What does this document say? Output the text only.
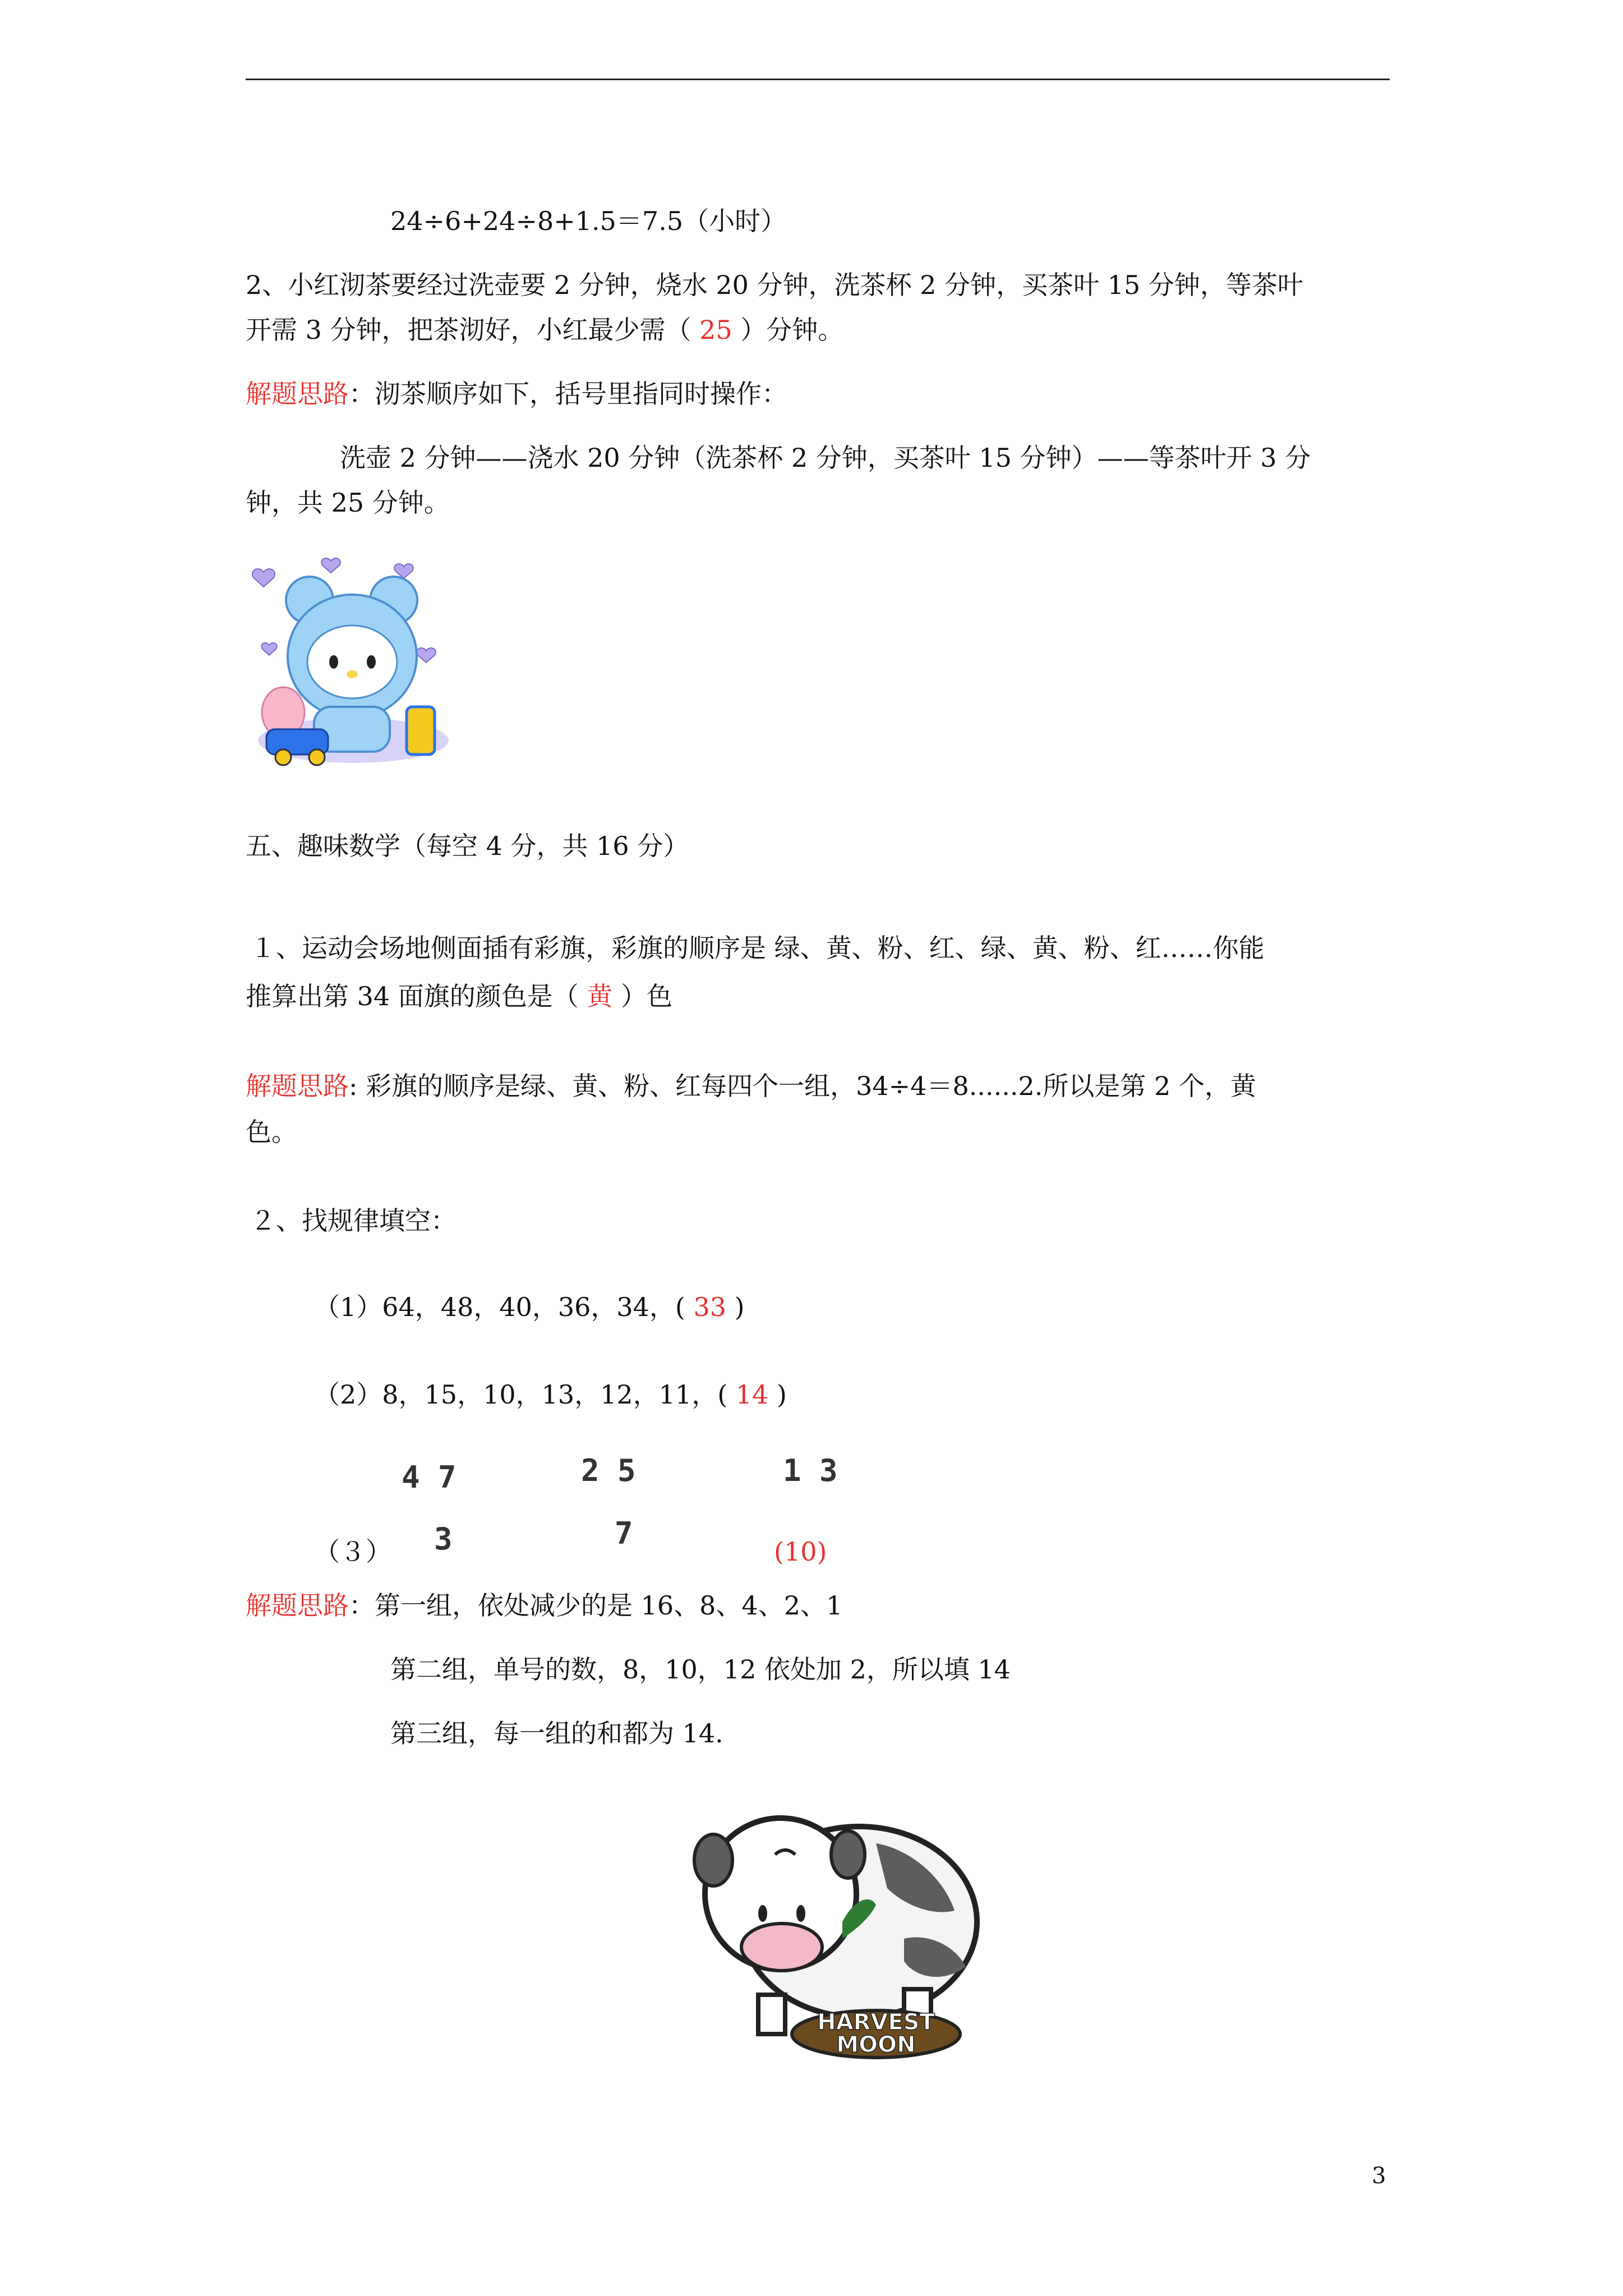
24÷6+24÷8+1.5＝7.5（小时）
2、小红沏茶要经过洗壶要 2 分钟，烧水 20 分钟，洗茶杯 2 分钟，买茶叶 15 分钟，等茶叶
开需 3 分钟，把茶沏好，小红最少需（ 25 ）分钟。
解题思路：沏茶顺序如下，括号里指同时操作：
洗壶 2 分钟——浇水 20 分钟（洗茶杯 2 分钟，买茶叶 15 分钟）——等茶叶开 3 分
钟，共 25 分钟。
五、趣味数学（每空 4 分，共 16 分）
１、运动会场地侧面插有彩旗，彩旗的顺序是 绿、黄、粉、红、绿、黄、粉、红……你能
推算出第 34 面旗的颜色是（ 黄 ）色
解题思路: 彩旗的顺序是绿、黄、粉、红每四个一组，34÷4＝8......2.所以是第 2 个，黄
色。
２、找规律填空：
（1）64，48，40，36，34，( 33 )
（2）8，15，10，13，12，11，( 14 )
4 7
3
2 5
7
1 3
（３）	(10)
解题思路：第一组，依处减少的是 16、8、4、2、1
第二组，单号的数，8，10，12 依处加 2，所以填 14
第三组，每一组的和都为 14.
HARVEST
MOON
3
